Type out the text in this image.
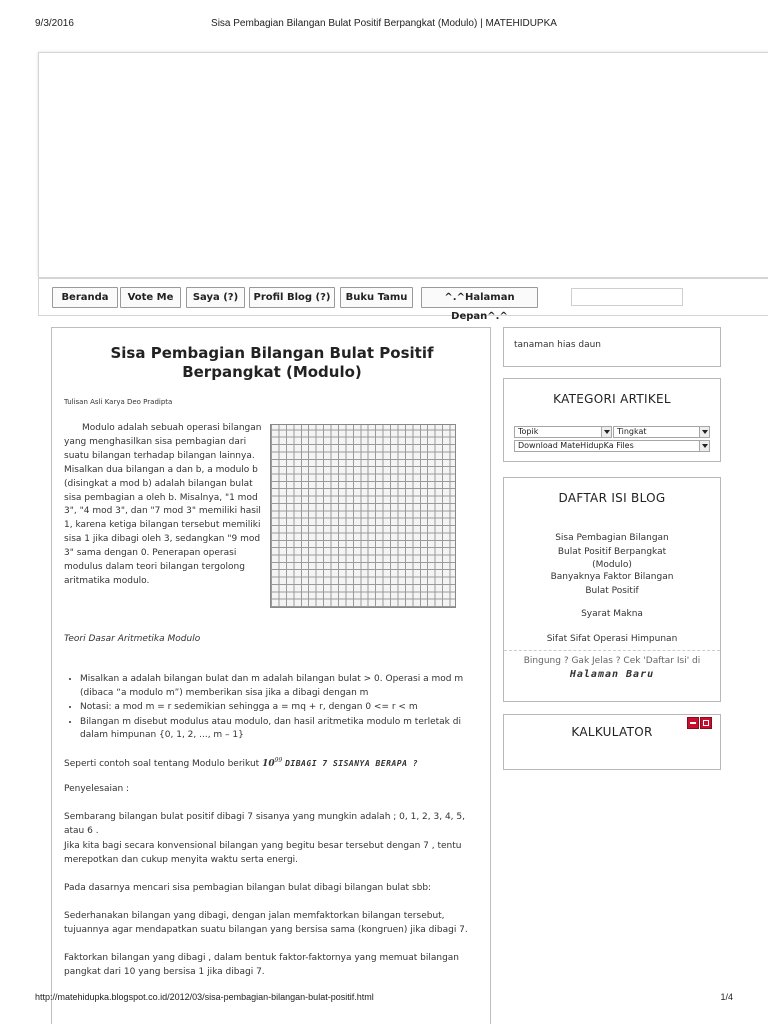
9/3/2016	Sisa Pembagian Bilangan Bulat Positif Berpangkat (Modulo) | MATEHIDUPKA
Beranda	Vote Me	Saya (?)	Profil Blog (?)	Buku Tamu	^.^Halaman Depan^.^
Sisa Pembagian Bilangan Bulat Positif Berpangkat (Modulo)
Tulisan Asli Karya Deo Pradipta
Modulo adalah sebuah operasi bilangan yang menghasilkan sisa pembagian dari suatu bilangan terhadap bilangan lainnya. Misalkan dua bilangan a dan b, a modulo b (disingkat a mod b) adalah bilangan bulat sisa pembagian a oleh b. Misalnya, "1 mod 3", "4 mod 3", dan "7 mod 3" memiliki hasil 1, karena ketiga bilangan tersebut memiliki sisa 1 jika dibagi oleh 3, sedangkan "9 mod 3" sama dengan 0. Penerapan operasi modulus dalam teori bilangan tergolong aritmatika modulo.
Teori Dasar Aritmetika Modulo
• Misalkan a adalah bilangan bulat dan m adalah bilangan bulat > 0. Operasi a mod m (dibaca “a modulo m”) memberikan sisa jika a dibagi dengan m
• Notasi: a mod m = r sedemikian sehingga a = mq + r, dengan 0 <= r < m
• Bilangan m disebut modulus atau modulo, dan hasil aritmetika modulo m terletak di dalam himpunan {0, 1, 2, ..., m – 1}
Seperti contoh soal tentang Modulo berikut $10^{99}$ DIBAGI 7 SISANYA BERAPA ?
Penyelesaian :
Sembarang bilangan bulat positif dibagi 7 sisanya yang mungkin adalah ; 0, 1, 2, 3, 4, 5, atau 6 .
Jika kita bagi secara konvensional bilangan yang begitu besar tersebut dengan 7 , tentu merepotkan dan cukup menyita waktu serta energi.
Pada dasarnya mencari sisa pembagian bilangan bulat dibagi bilangan bulat sbb:
Sederhanakan bilangan yang dibagi, dengan jalan memfaktorkan bilangan tersebut, tujuannya agar mendapatkan suatu bilangan yang bersisa sama (kongruen) jika dibagi 7.
Faktorkan bilangan yang dibagi , dalam bentuk faktor-faktornya yang memuat bilangan pangkat dari 10 yang bersisa 1 jika dibagi 7.
tanaman hias daun
KATEGORI ARTIKEL
Topik	Tingkat
Download MateHidupKa Files
DAFTAR ISI BLOG
Sisa Pembagian Bilangan Bulat Positif Berpangkat (Modulo)
Banyaknya Faktor Bilangan Bulat Positif
Syarat Makna
Sifat Sifat Operasi Himpunan
Bingung ? Gak Jelas ? Cek 'Daftar Isi' di
Halaman Baru
KALKULATOR
http://matehidupka.blogspot.co.id/2012/03/sisa-pembagian-bilangan-bulat-positif.html	1/4
